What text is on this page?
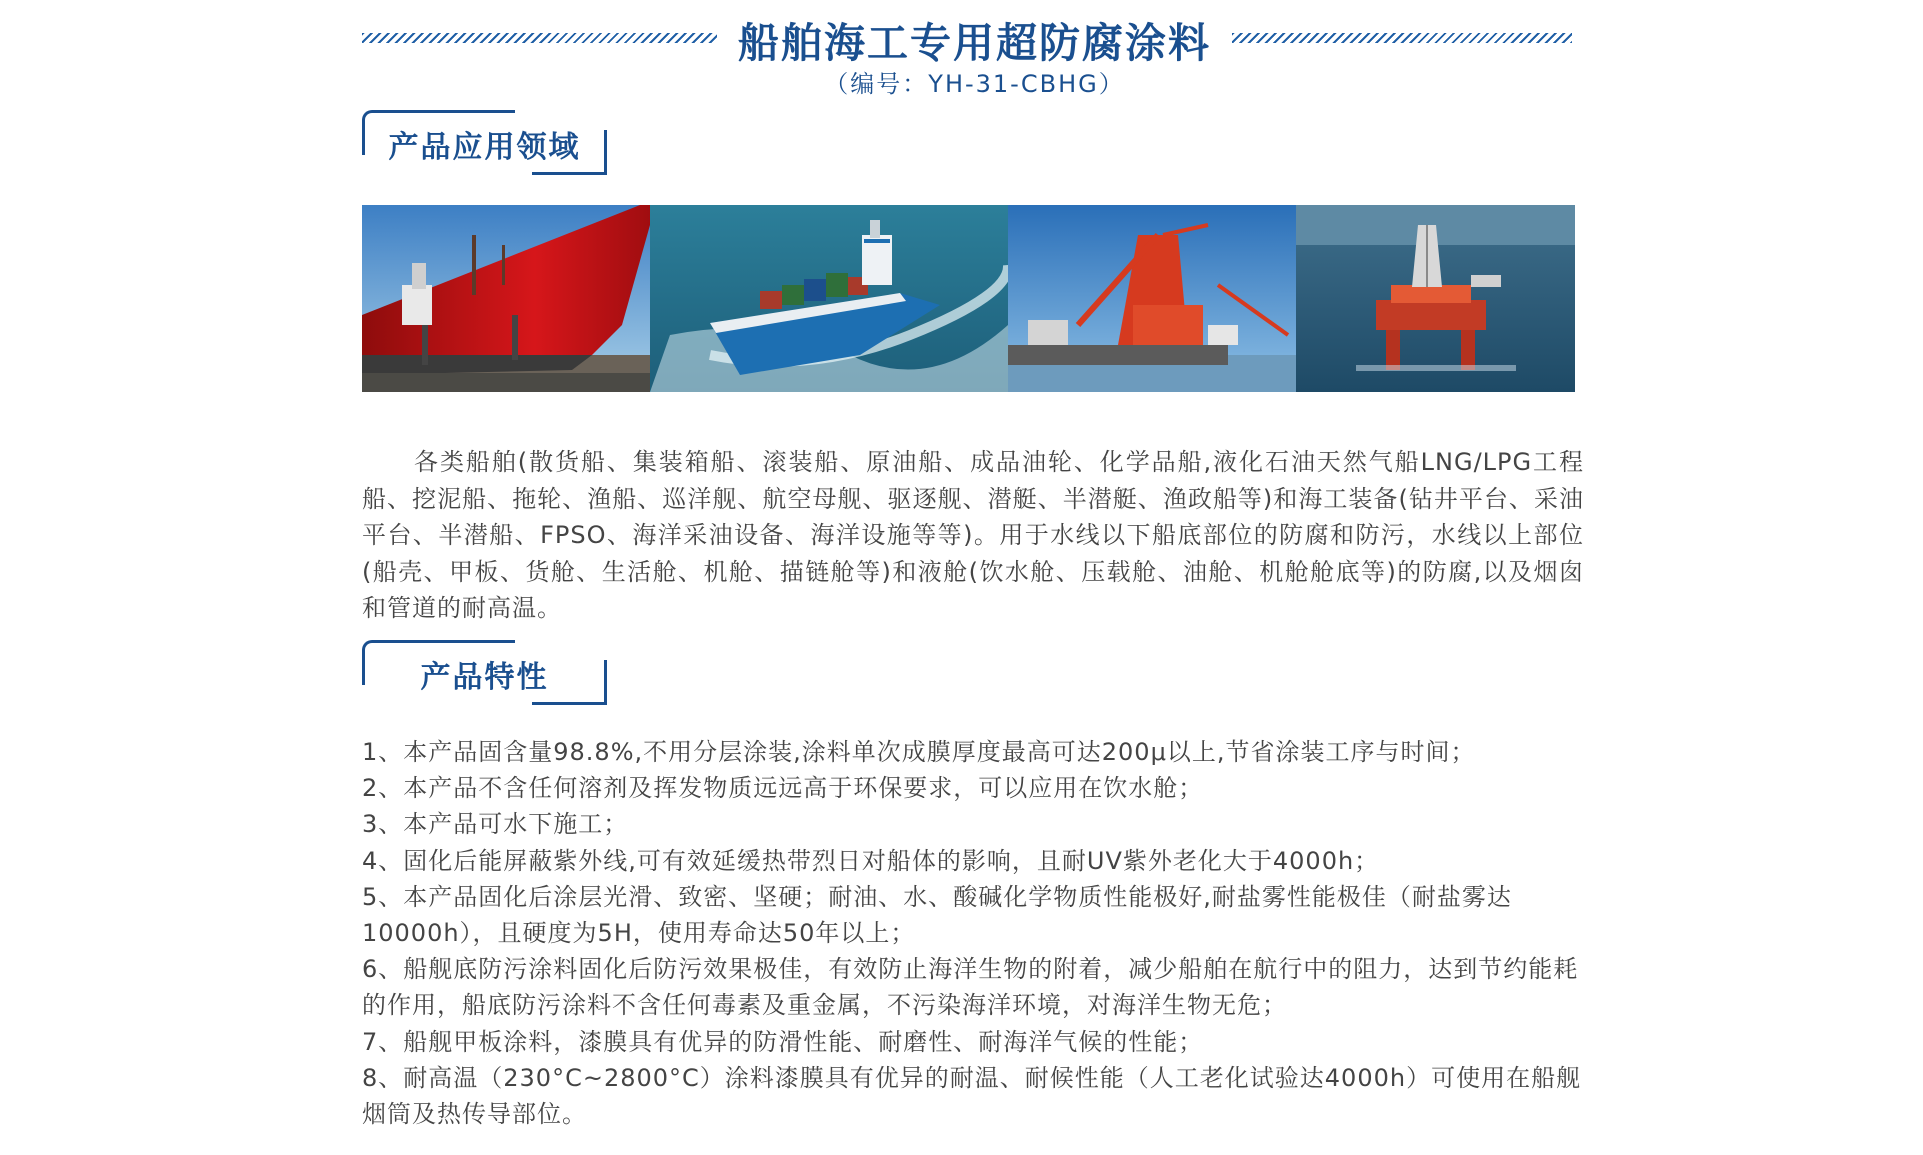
船舶海工专用超防腐涂料
（编号：YH-31-CBHG）
产品应用领域

各类船舶(散货船、集装箱船、滚装船、原油船、成品油轮、化学品船,液化石油天然气船LNG/LPG工程船、挖泥船、拖轮、渔船、巡洋舰、航空母舰、驱逐舰、潜艇、半潜艇、渔政船等)和海工装备(钻井平台、采油平台、半潜船、FPSO、海洋采油设备、海洋设施等等)。用于水线以下船底部位的防腐和防污，水线以上部位(船壳、甲板、货舱、生活舱、机舱、描链舱等)和液舱(饮水舱、压载舱、油舱、机舱舱底等)的防腐,以及烟囱和管道的耐高温。

产品特性
1、本产品固含量98.8%,不用分层涂装,涂料单次成膜厚度最高可达200μ以上,节省涂装工序与时间；
2、本产品不含任何溶剂及挥发物质远远高于环保要求，可以应用在饮水舱；
3、本产品可水下施工；
4、固化后能屏蔽紫外线,可有效延缓热带烈日对船体的影响，且耐UV紫外老化大于4000h；
5、本产品固化后涂层光滑、致密、坚硬；耐油、水、酸碱化学物质性能极好,耐盐雾性能极佳（耐盐雾达10000h），且硬度为5H，使用寿命达50年以上；
6、船舰底防污涂料固化后防污效果极佳，有效防止海洋生物的附着，减少船舶在航行中的阻力，达到节约能耗的作用，船底防污涂料不含任何毒素及重金属，不污染海洋环境，对海洋生物无危；
7、船舰甲板涂料，漆膜具有优异的防滑性能、耐磨性、耐海洋气候的性能；
8、耐高温（230°C~2800°C）涂料漆膜具有优异的耐温、耐候性能（人工老化试验达4000h）可使用在船舰烟筒及热传导部位。
